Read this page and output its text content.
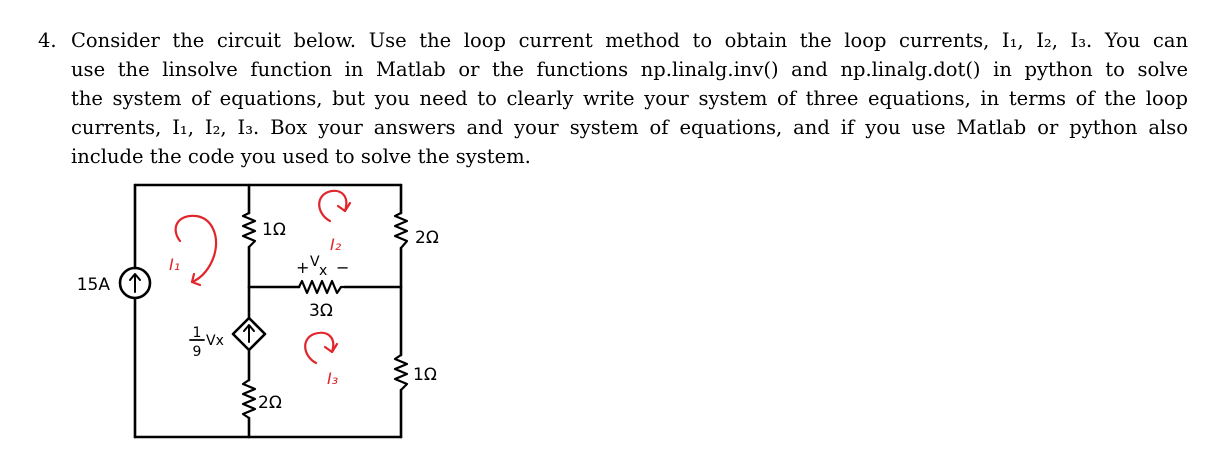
4. Consider the circuit below. Use the loop current method to obtain the loop currents, I₁, I₂, I₃. You can
use the linsolve function in Matlab or the functions np.linalg.inv() and np.linalg.dot() in python to solve
the system of equations, but you need to clearly write your system of three equations, in terms of the loop
currents, I₁, I₂, I₃. Box your answers and your system of equations, and if you use Matlab or python also
include the code you used to solve the system.
15A
1Ω	2Ω
3Ω
+ V
x −
1
9
Vx
2Ω
1Ω
I₁
I₂
I₃
